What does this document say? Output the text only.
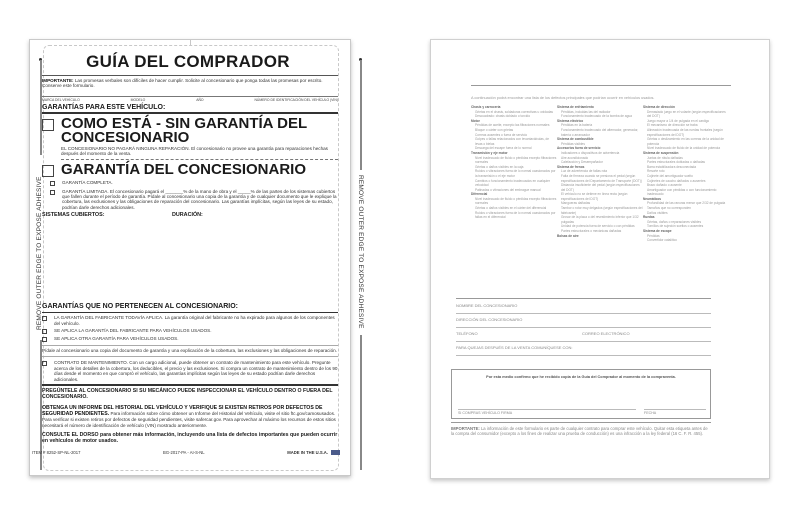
REMOVE OUTER EDGE TO EXPOSE ADHESIVE	REMOVE OUTER EDGE TO EXPOSE ADHESIVE
GUÍA DEL COMPRADOR
IMPORTANTE: Las promesas verbales son difíciles de hacer cumplir. Solicite al concesionario que ponga todas las promesas por escrito. Conserve este formulario.
MARCA DEL VEHÍCULO	MODELO	AÑO	NÚMERO DE IDENTIFICACIÓN DEL VEHÍCULO (VIN)
GARANTÍAS PARA ESTE VEHÍCULO:
COMO ESTÁ - SIN GARANTÍA DEL CONCESIONARIO
EL CONCESIONARIO NO PAGARÁ NINGUNA REPARACIÓN. El concesionario no provee una garantía para reparaciones hechas después del momento de la venta.
GARANTÍA DEL CONCESIONARIO
GARANTÍA COMPLETA.
GARANTÍA LIMITADA. El concesionario pagará el _______% de la mano de obra y el _____% de las partes de los sistemas cubiertos que fallen durante el período de garantía. Pídale al concesionario una copia de la garantía y de cualquier documento que le explique la cobertura, las exclusiones y las obligaciones de reparación del concesionario. Las garantías implícitas, según las leyes de su estado, podrían darle derechos adicionales.
SISTEMAS CUBIERTOS:	DURACIÓN:
GARANTÍAS QUE NO PERTENECEN AL CONCESIONARIO:
LA GARANTÍA DEL FABRICANTE TODAVÍA APLICA. La garantía original del fabricante no ha expirado para algunos de los componentes del vehículo.
SE APLICA LA GARANTÍA DEL FABRICANTE PARA VEHÍCULOS USADOS.
SE APLICA OTRA GARANTÍA PARA VEHÍCULOS USADOS.
Pídale al concesionario una copia del documento de garantía y una explicación de la cobertura, las exclusiones y las obligaciones de reparación.
CONTRATO DE MANTENIMIENTO. Con un cargo adicional, puede obtener un contrato de mantenimiento para este vehículo. Pregunte acerca de los detalles de la cobertura, los deducibles, el precio y las exclusiones. Si compra un contrato de mantenimiento dentro de los 90 días desde el momento en que compró el vehículo, las garantías implícitas según las leyes de su estado podrían darle derechos adicionales.
PREGÚNTELE AL CONCESIONARIO SI SU MECÁNICO PUEDE INSPECCIONAR EL VEHÍCULO DENTRO O FUERA DEL CONCESIONARIO.
OBTENGA UN INFORME DEL HISTORIAL DEL VEHÍCULO Y VERIFIQUE SI EXISTEN RETIROS POR DEFECTOS DE SEGURIDAD PENDIENTES. Para información sobre cómo obtener un Informe del Historial del Vehículo, visite el sitio ftc.gov/camosusados. Para verificar si existen retiros por defectos de seguridad pendientes, visite safercar.gov. Para aprovechar al máximo los recursos de estos sitios necesitará el número de identificación de vehículo (VIN) mostrado anteriormente.
CONSULTE EL DORSO para obtener más información, incluyendo una lista de defectos importantes que pueden ocurrir en vehículos de motor usados.
ITEM # 8252-SP-NL-2017	BG-2017-PA - AI-S-NL	MADE IN THE U.S.A.
A continuación podrá encontrar una lista de los defectos principales que podrían ocurrir en vehículos usados.
Chasis y carrocería
Grietas en el chasis, soldaduras correctivas u oxidadas
Descuadrado: chasis doblado o torcido
Motor
Pérdidas de aceite, excepto las filtraciones normales
Bloque o cárter con grietas
Correas ausentes o fuera de servicio
Golpes o fallas relacionados con levantaválvulas, de levas o bielas
Descarga del escape fuera de lo normal
Transmisión y eje motor
Nivel inadecuado de fluido o pérdidas excepto filtraciones normales
Grietas o daños visibles en la caja
Ruidos o vibraciones fuera de lo normal ocasionados por la transmisión o el eje motor
Cambios o funcionamiento inadecuados en cualquier velocidad
Patinadas o vibraciones del embrague manual
Diferencial
Nivel inadecuado de fluido o pérdidas excepto filtraciones normales
Grietas o daños visibles en el cárter del diferencial
Ruidos o vibraciones fuera de lo normal ocasionados por fallas en el diferencial
Sistema de enfriamiento
Pérdidas, incluidas las del radiador
Funcionamiento inadecuado de la bomba de agua
Sistema eléctrico
Pérdidas en la batería
Funcionamiento inadecuado del alternador, generador, batería o arrancador
Sistema de combustible
Pérdidas visibles
Accesorios fuera de servicio
Indicadores o dispositivos de advertencia
Aire acondicionado
Calefacción y Desempañador
Sistema de frenos
Luz de advertencia de fallas rota
Falta de firmeza cuando se presiona el pedal (según especificaciones del Departamento de Transporte (DOT))
Distancia insuficiente del pedal (según especificaciones del DOT)
El vehículo no se detiene en línea recta (según especificaciones del DOT)
Mangueras dañadas
Tambor o rotor muy delgados (según especificaciones del fabricante)
Grosor de la placa o del revestimiento inferior que 1/32 pulgadas
Unidad de potencia fuera de servicio o con pérdidas
Partes estructurales o mecánicas dañadas
Bolsas de aire
Sistema de dirección
Demasiado juego en el volante (según especificaciones del DOT)
Juego mayor a 1/4 de pulgada en el cardigo
El mecanismo de dirección se traba
Alineación inadecuada de las ruedas frontales (según especificaciones del DOT)
Grietas o deslizamiento en las correas de la unidad de potencia
Nivel inadecuado de fluido de la unidad de potencia
Sistema de suspensión
Juntas de rótula dañadas
Partes estructurales dobladas o dañadas
Barra estabilizadora desconectada
Resorte roto
Cojinete del amortiguador suelto
Cojinetes de caucho dañados o ausentes
Brazo dañado o ausente
Amortiguador con pérdidas o con funcionamiento inadecuado
Neumáticos
Profundidad de las ranuras menor que 2/32 de pulgada
Tamaños que no corresponden
Daños visibles
Ruedas
Grietas, daños o reparaciones visibles
Tornillos de sujeción sueltos o ausentes
Sistema de escape
Pérdidas
Convertidor catalítico
NOMBRE DEL CONCESIONARIO
DIRECCIÓN DEL CONCESIONARIO
TELÉFONO	CORREO ELECTRÓNICO
PARA QUEJAS DESPUÉS DE LA VENTA COMUNÍQUESE CON:
Por esta medio confirmo que he recibido copia de la Guía del Comprador al momento de la compraventa.
SI COMPRAS VEHÍCULO FIRMA	FECHA
IMPORTANTE: La información de este formulario es parte de cualquier contrato para comprar este vehículo. Quitar esta etiqueta antes de la compra del consumidor (excepto a los fines de realizar una prueba de conducción) es una infracción a la ley federal (16 C. F. R. 455).
